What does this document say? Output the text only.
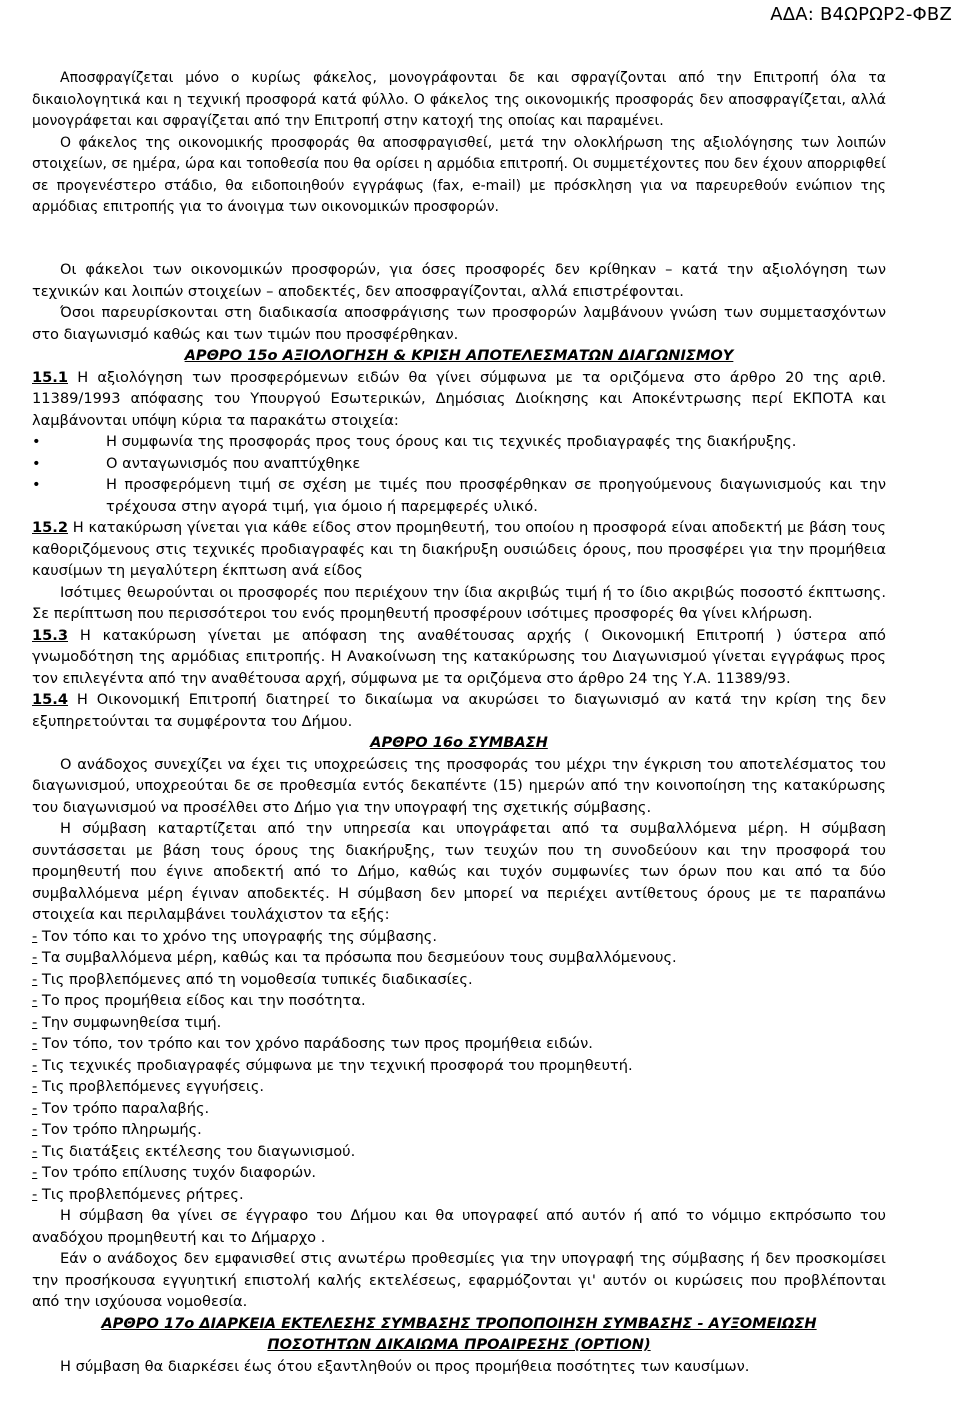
ΑΔΑ: Β4ΩΡΩΡ2-ΦΒΖ

Αποσφραγίζεται μόνο ο κυρίως φάκελος, μονογράφονται δε και σφραγίζονται από την Επιτροπή όλα τα δικαιολογητικά και η τεχνική προσφορά κατά φύλλο. Ο φάκελος της οικονομικής προσφοράς δεν αποσφραγίζεται, αλλά μονογράφεται και σφραγίζεται από την Επιτροπή στην κατοχή της οποίας και παραμένει.

Ο φάκελος της οικονομικής προσφοράς θα αποσφραγισθεί, μετά την ολοκλήρωση της αξιολόγησης των λοιπών στοιχείων, σε ημέρα, ώρα και τοποθεσία που θα ορίσει η αρμόδια επιτροπή. Οι συμμετέχοντες που δεν έχουν απορριφθεί σε προγενέστερο στάδιο, θα ειδοποιηθούν εγγράφως (fax, e-mail) με πρόσκληση για να παρευρεθούν ενώπιον της αρμόδιας επιτροπής για το άνοιγμα των οικονομικών προσφορών.

Οι φάκελοι των οικονομικών προσφορών, για όσες προσφορές δεν κρίθηκαν – κατά την αξιολόγηση των τεχνικών και λοιπών στοιχείων – αποδεκτές, δεν αποσφραγίζονται, αλλά επιστρέφονται.

Όσοι παρευρίσκονται στη διαδικασία αποσφράγισης των προσφορών λαμβάνουν γνώση των συμμετασχόντων στο διαγωνισμό καθώς και των τιμών που προσφέρθηκαν.

ΑΡΘΡΟ 15ο ΑΞΙΟΛΟΓΗΣΗ & ΚΡΙΣΗ ΑΠΟΤΕΛΕΣΜΑΤΩΝ ΔΙΑΓΩΝΙΣΜΟΥ

15.1 Η αξιολόγηση των προσφερόμενων ειδών θα γίνει σύμφωνα με τα οριζόμενα στο άρθρο 20 της αριθ. 11389/1993 απόφασης του Υπουργού Εσωτερικών, Δημόσιας Διοίκησης και Αποκέντρωσης περί ΕΚΠΟΤΑ και λαμβάνονται υπόψη κύρια τα παρακάτω στοιχεία:

•	Η συμφωνία της προσφοράς προς τους όρους και τις τεχνικές προδιαγραφές της διακήρυξης.
•	Ο ανταγωνισμός που αναπτύχθηκε
•	Η προσφερόμενη τιμή σε σχέση με τιμές που προσφέρθηκαν σε προηγούμενους διαγωνισμούς και την τρέχουσα στην αγορά τιμή, για όμοιο ή παρεμφερές υλικό.

15.2 Η κατακύρωση γίνεται για κάθε είδος στον προμηθευτή, του οποίου η προσφορά είναι αποδεκτή με βάση τους καθοριζόμενους στις τεχνικές προδιαγραφές και τη διακήρυξη ουσιώδεις όρους, που προσφέρει για την προμήθεια καυσίμων τη μεγαλύτερη έκπτωση ανά είδος

Ισότιμες θεωρούνται οι προσφορές που περιέχουν την ίδια ακριβώς τιμή ή το ίδιο ακριβώς ποσοστό έκπτωσης. Σε περίπτωση που περισσότεροι του ενός προμηθευτή προσφέρουν ισότιμες προσφορές θα γίνει κλήρωση.

15.3 Η κατακύρωση γίνεται με απόφαση της αναθέτουσας αρχής ( Οικονομική Επιτροπή ) ύστερα από γνωμοδότηση της αρμόδιας επιτροπής. Η Ανακοίνωση της κατακύρωσης του Διαγωνισμού γίνεται εγγράφως προς τον επιλεγέντα από την αναθέτουσα αρχή, σύμφωνα με τα οριζόμενα στο άρθρο 24 της Υ.Α. 11389/93.

15.4 Η Οικονομική Επιτροπή διατηρεί το δικαίωμα να ακυρώσει το διαγωνισμό αν κατά την κρίση της δεν εξυπηρετούνται τα συμφέροντα του Δήμου.

ΑΡΘΡΟ 16ο ΣΥΜΒΑΣΗ

Ο ανάδοχος συνεχίζει να έχει τις υποχρεώσεις της προσφοράς του μέχρι την έγκριση του αποτελέσματος του διαγωνισμού, υποχρεούται δε σε προθεσμία εντός δεκαπέντε (15) ημερών από την κοινοποίηση της κατακύρωσης του διαγωνισμού να προσέλθει στο Δήμο για την υπογραφή της σχετικής σύμβασης.

Η σύμβαση καταρτίζεται από την υπηρεσία και υπογράφεται από τα συμβαλλόμενα μέρη. Η σύμβαση συντάσσεται με βάση τους όρους της διακήρυξης, των τευχών που τη συνοδεύουν και την προσφορά του προμηθευτή που έγινε αποδεκτή από το Δήμο, καθώς και τυχόν συμφωνίες των όρων που και από τα δύο συμβαλλόμενα μέρη έγιναν αποδεκτές. Η σύμβαση δεν μπορεί να περιέχει αντίθετους όρους με τε παραπάνω στοιχεία και περιλαμβάνει τουλάχιστον τα εξής:

- Τον τόπο και το χρόνο της υπογραφής της σύμβασης.

- Τα συμβαλλόμενα μέρη, καθώς και τα πρόσωπα που δεσμεύουν τους συμβαλλόμενους.

- Τις προβλεπόμενες από τη νομοθεσία τυπικές διαδικασίες.

- Το προς προμήθεια είδος και την ποσότητα.

- Την συμφωνηθείσα τιμή.

- Τον τόπο, τον τρόπο και τον χρόνο παράδοσης των προς προμήθεια ειδών.

- Τις τεχνικές προδιαγραφές σύμφωνα με την τεχνική προσφορά του προμηθευτή.

- Τις προβλεπόμενες εγγυήσεις.

- Τον τρόπο παραλαβής.

- Τον τρόπο πληρωμής.

- Τις διατάξεις εκτέλεσης του διαγωνισμού.

- Τον τρόπο επίλυσης τυχόν διαφορών.

- Τις προβλεπόμενες ρήτρες.

Η σύμβαση θα γίνει σε έγγραφο του Δήμου και θα υπογραφεί από αυτόν ή από το νόμιμο εκπρόσωπο του αναδόχου προμηθευτή και το Δήμαρχο .

Εάν ο ανάδοχος δεν εμφανισθεί στις ανωτέρω προθεσμίες για την υπογραφή της σύμβασης ή δεν προσκομίσει την προσήκουσα εγγυητική επιστολή καλής εκτελέσεως, εφαρμόζονται γι' αυτόν οι κυρώσεις που προβλέπονται από την ισχύουσα νομοθεσία.

ΑΡΘΡΟ 17ο ΔΙΑΡΚΕΙΑ ΕΚΤΕΛΕΣΗΣ ΣΥΜΒΑΣΗΣ ΤΡΟΠΟΠΟΙΗΣΗ ΣΥΜΒΑΣΗΣ - ΑΥΞΟΜΕΙΩΣΗ

ΠΟΣΟΤΗΤΩΝ ΔΙΚΑΙΩΜΑ ΠΡΟΑΙΡΕΣΗΣ (ΟΡΤΙΟΝ)

Η σύμβαση θα διαρκέσει έως ότου εξαντληθούν οι προς προμήθεια ποσότητες των καυσίμων.
